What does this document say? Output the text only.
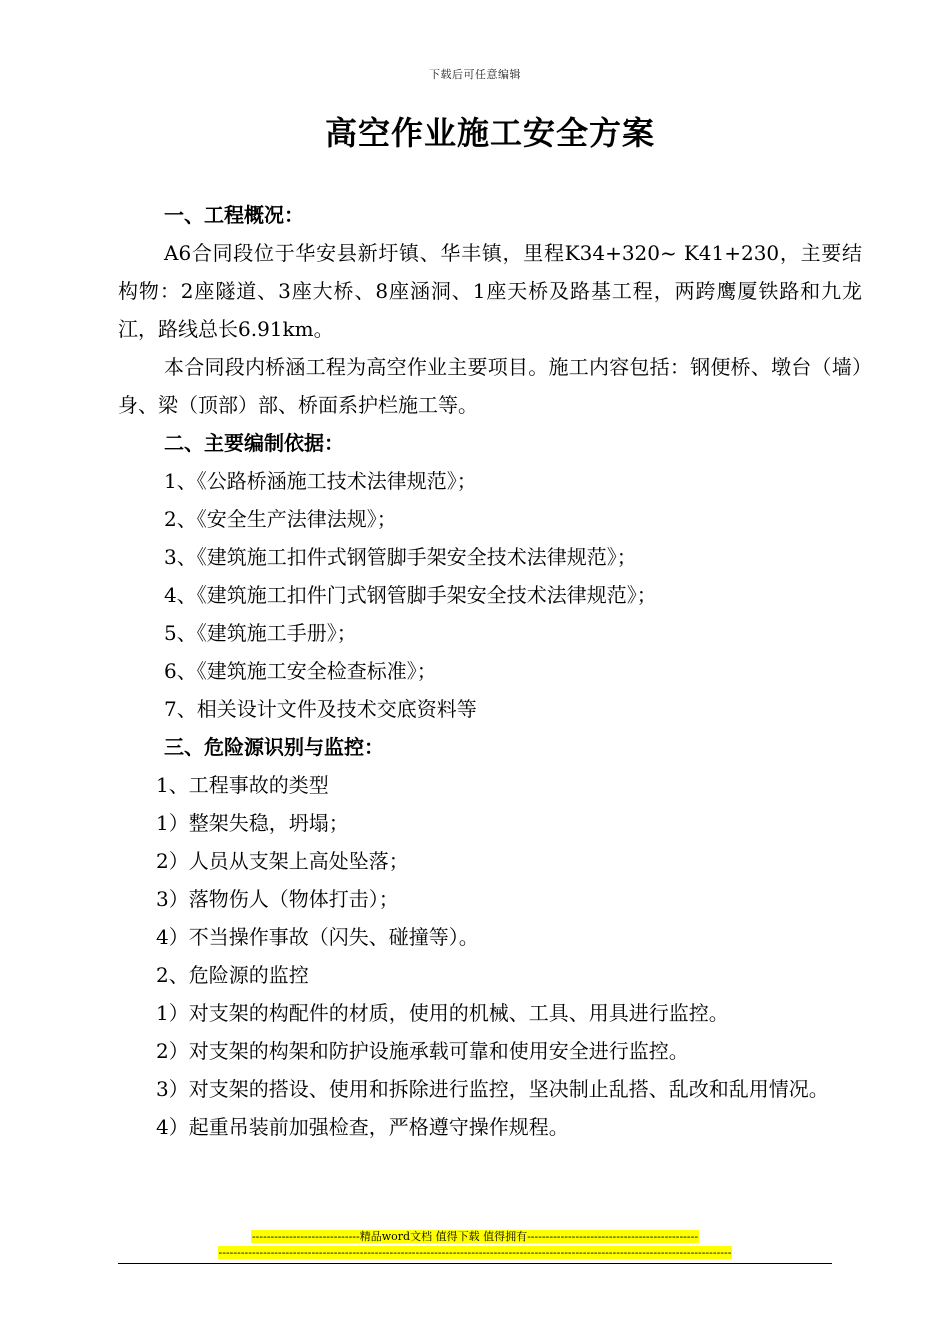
下载后可任意编辑
高空作业施工安全方案

一、工程概况：

A6合同段位于华安县新圩镇、华丰镇，里程K34+320~ K41+230，主要结构物：2座隧道、3座大桥、8座涵洞、1座天桥及路基工程，两跨鹰厦铁路和九龙江，路线总长6.91km。

本合同段内桥涵工程为高空作业主要项目。施工内容包括：钢便桥、墩台（墙）身、梁（顶部）部、桥面系护栏施工等。

二、主要编制依据：

1、《公路桥涵施工技术法律规范》；

2、《安全生产法律法规》；

3、《建筑施工扣件式钢管脚手架安全技术法律规范》；

4、《建筑施工扣件门式钢管脚手架安全技术法律规范》；

5、《建筑施工手册》；

6、《建筑施工安全检查标准》；

7、相关设计文件及技术交底资料等

三、危险源识别与监控：

1、工程事故的类型

1）整架失稳，坍塌；

2）人员从支架上高处坠落；

3）落物伤人（物体打击）；

4）不当操作事故（闪失、碰撞等）。

2、危险源的监控

1）对支架的构配件的材质，使用的机械、工具、用具进行监控。

2）对支架的构架和防护设施承载可靠和使用安全进行监控。

3）对支架的搭设、使用和拆除进行监控，坚决制止乱搭、乱改和乱用情况。

4）起重吊装前加强检查，严格遵守操作规程。

-----------------------------精品word文档 值得下载 值得拥有----------------------------------------------
------------------------------------------------------------------------------------------------------------------------------------------
